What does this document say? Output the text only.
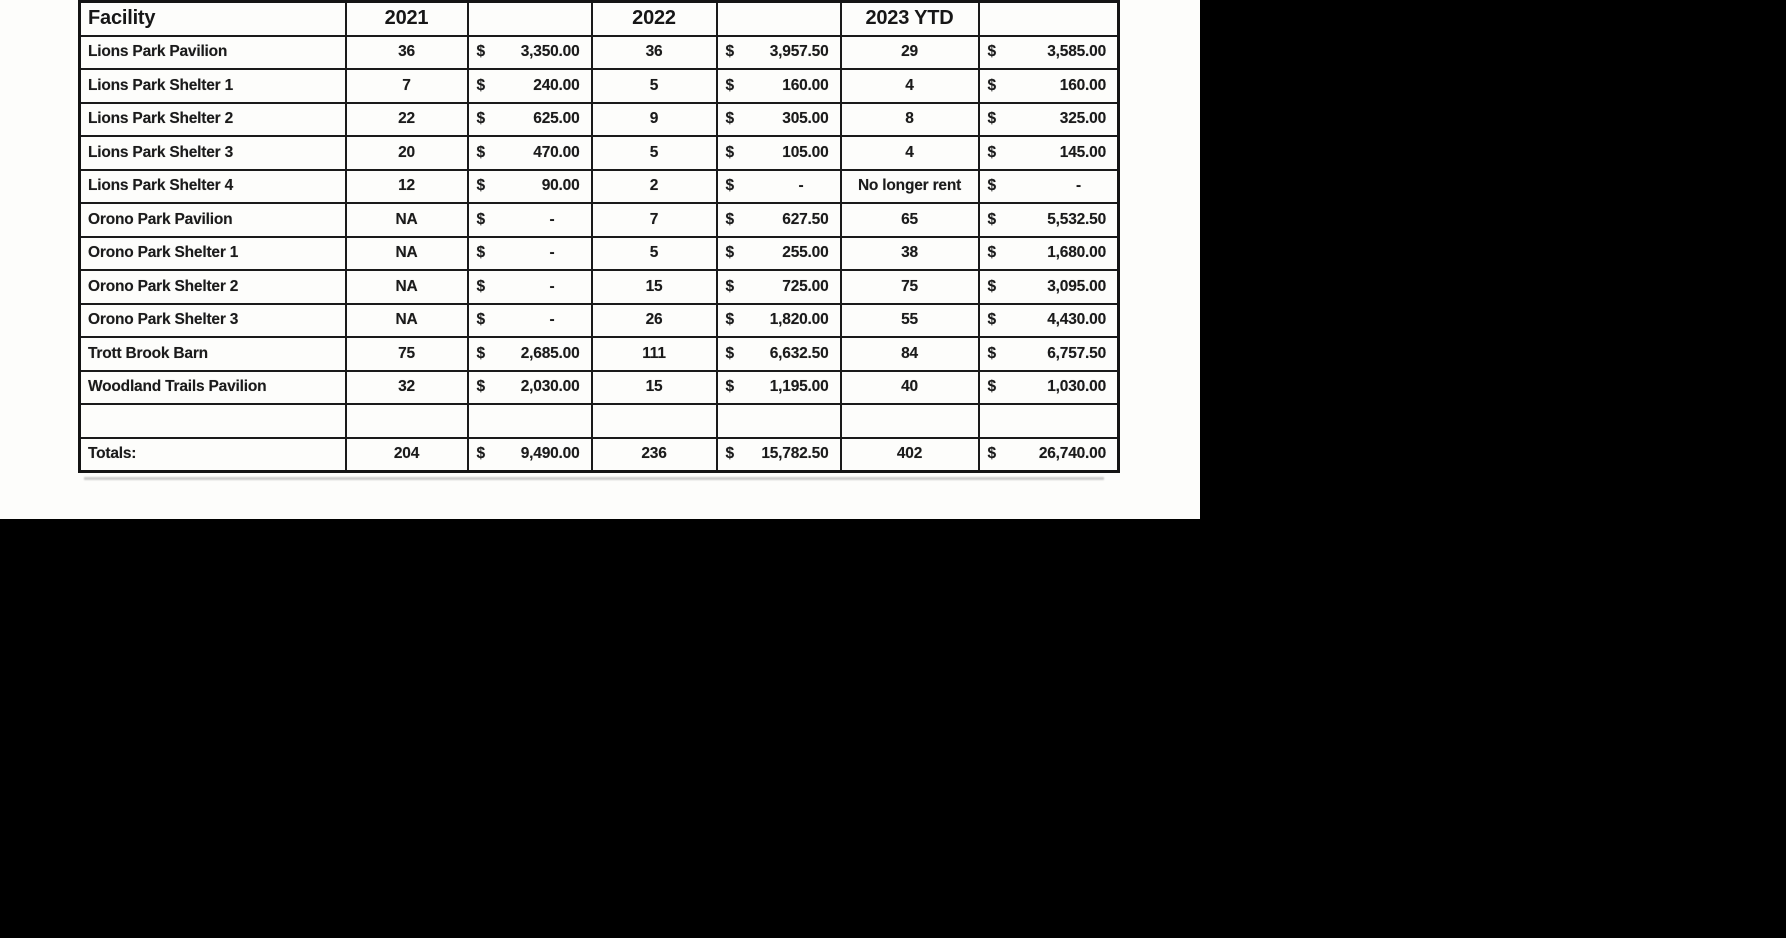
Facility	2021		2022		2023 YTD	
Lions Park Pavilion	36	$ 3,350.00	36	$ 3,957.50	29	$ 3,585.00

Lions Park Shelter 1	7	$ 240.00	5	$ 160.00	4	$ 160.00

Lions Park Shelter 2	22	$ 625.00	9	$ 305.00	8	$ 325.00

Lions Park Shelter 3	20	$ 470.00	5	$ 105.00	4	$ 145.00

Lions Park Shelter 4	12	$ 90.00	2	$ -	No longer rent	$ -

Orono Park Pavilion	NA	$ -	7	$ 627.50	65	$ 5,532.50

Orono Park Shelter 1	NA	$ -	5	$ 255.00	38	$ 1,680.00

Orono Park Shelter 2	NA	$ -	15	$ 725.00	75	$ 3,095.00

Orono Park Shelter 3	NA	$ -	26	$ 1,820.00	55	$ 4,430.00

Trott Brook Barn	75	$ 2,685.00	111	$ 6,632.50	84	$ 6,757.50

Woodland Trails Pavilion	32	$ 2,030.00	15	$ 1,195.00	40	$ 1,030.00

Totals:	204	$ 9,490.00	236	$ 15,782.50	402	$ 26,740.00
